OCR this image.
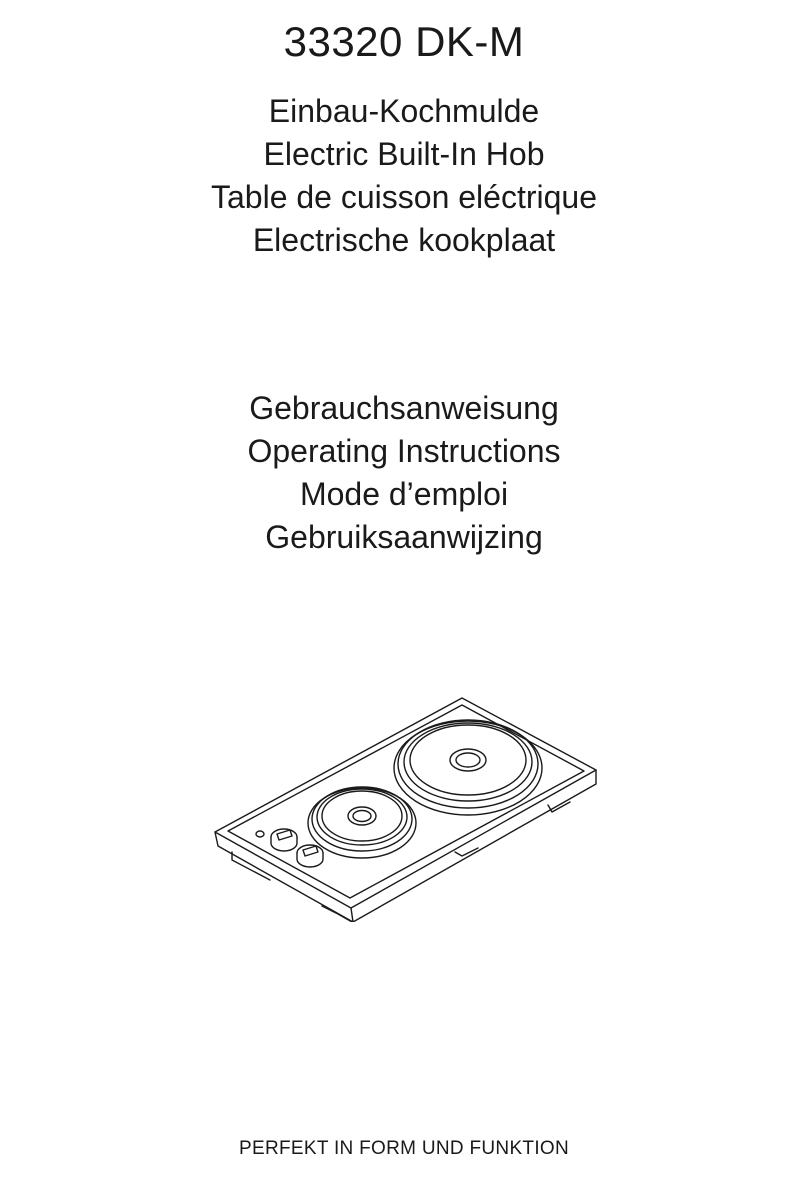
33320 DK-M
Einbau-Kochmulde
Electric Built-In Hob
Table de cuisson eléctrique
Electrische kookplaat
Gebrauchsanweisung
Operating Instructions
Mode d’emploi
Gebruiksaanwijzing
PERFEKT IN FORM UND FUNKTION
